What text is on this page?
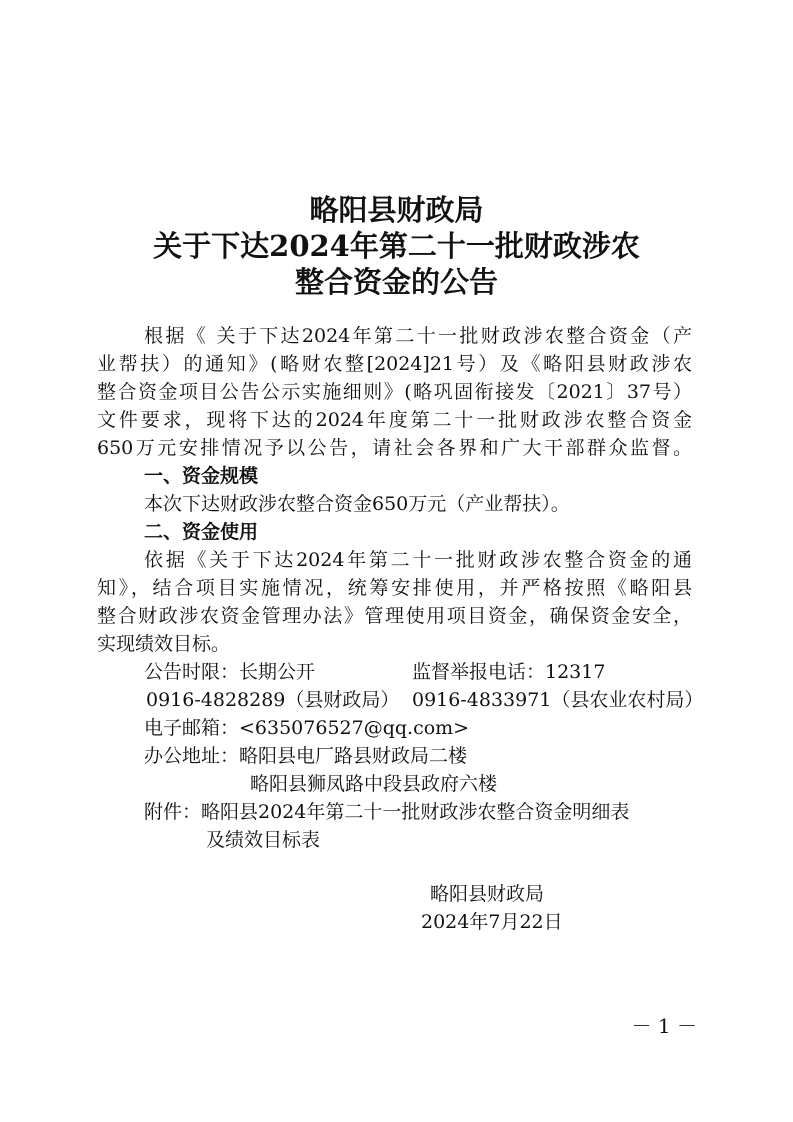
略阳县财政局
关于下达2024年第二十一批财政涉农
整合资金的公告
根据《 关于下达2024年第二十一批财政涉农整合资金（产
业帮扶）的通知》(略财农整[2024]21号）及《略阳县财政涉农
整合资金项目公告公示实施细则》(略巩固衔接发〔2021〕37号）
文件要求，现将下达的2024年度第二十一批财政涉农整合资金
650万元安排情况予以公告，请社会各界和广大干部群众监督。
一、资金规模
本次下达财政涉农整合资金650万元（产业帮扶）。
二、资金使用
依据《关于下达2024年第二十一批财政涉农整合资金的通
知》，结合项目实施情况，统筹安排使用，并严格按照《略阳县
整合财政涉农资金管理办法》管理使用项目资金，确保资金安全，
实现绩效目标。
公告时限：长期公开	监督举报电话：12317
0916-4828289（县财政局） 0916-4833971（县农业农村局）
电子邮箱：<635076527@qq.com>
办公地址：略阳县电厂路县财政局二楼
略阳县狮凤路中段县政府六楼
附件：略阳县2024年第二十一批财政涉农整合资金明细表
及绩效目标表
略阳县财政局
2024年7月22日
－ 1 －
